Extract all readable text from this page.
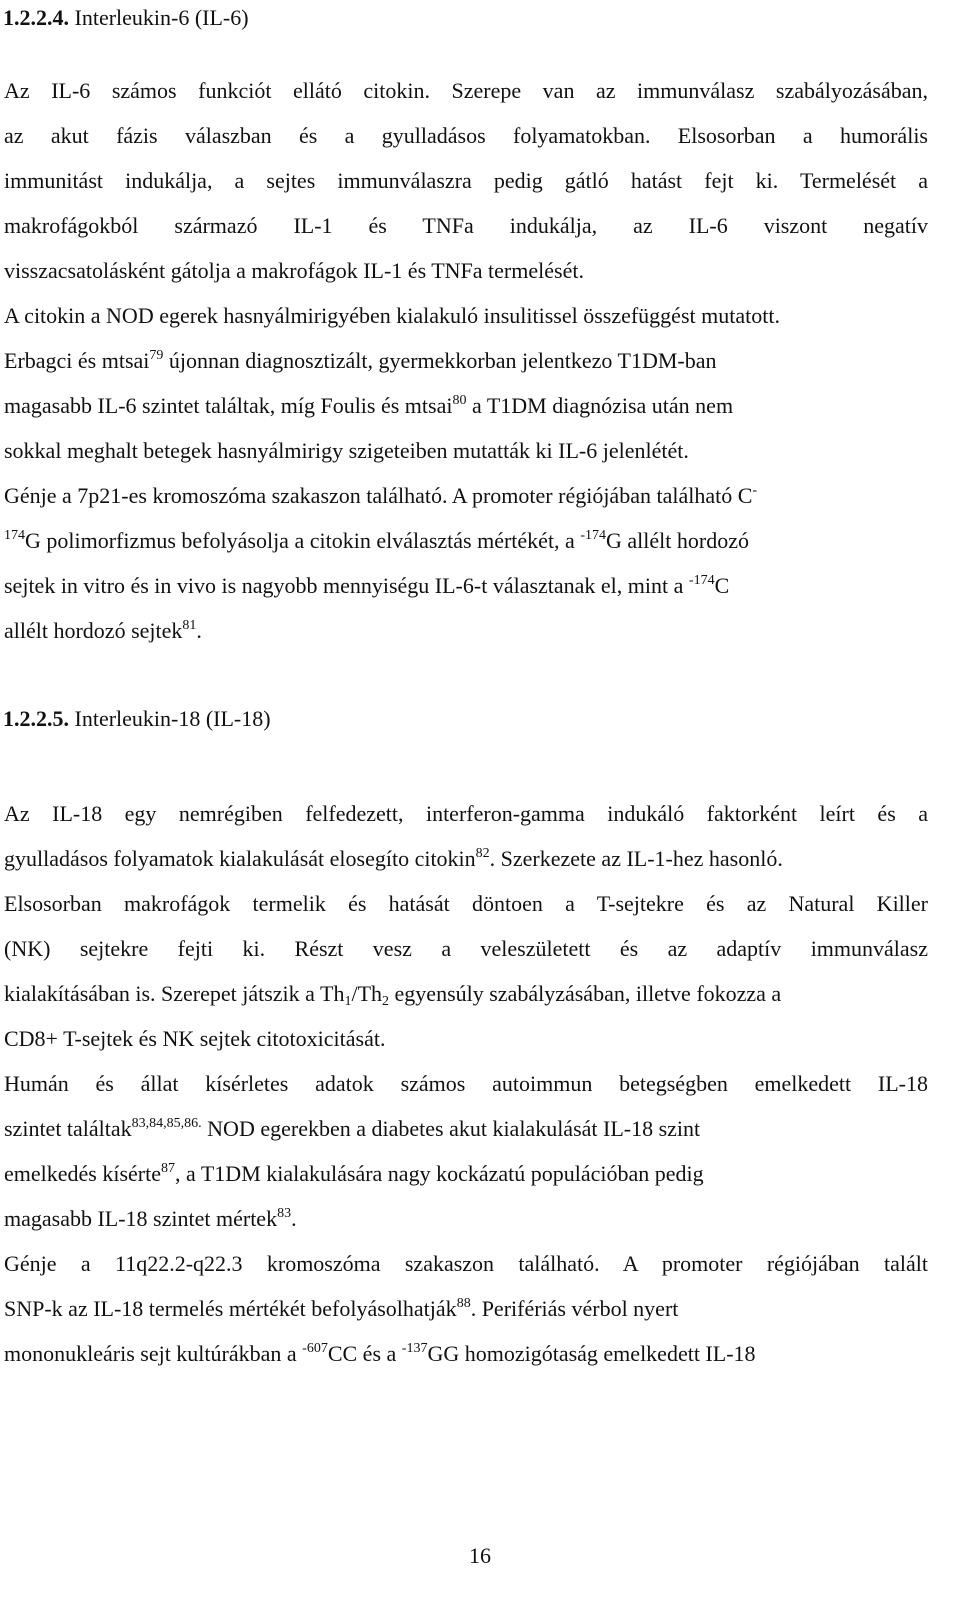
1.2.2.4. Interleukin-6 (IL-6)
Az IL-6 számos funkciót ellátó citokin. Szerepe van az immunválasz szabályozásában,
az akut fázis válaszban és a gyulladásos folyamatokban. Elsosorban a humorális
immunitást indukálja, a sejtes immunválaszra pedig gátló hatást fejt ki. Termelését a
makrofágokból származó IL-1 és TNFa indukálja, az IL-6 viszont negatív
visszacsatolásként gátolja a makrofágok IL-1 és TNFa termelését.
A citokin a NOD egerek hasnyálmirigyében kialakuló insulitissel összefüggést mutatott.
Erbagci és mtsai$^{79}$ újonnan diagnosztizált, gyermekkorban jelentkezo T1DM-ban
magasabb IL-6 szintet találtak, míg Foulis és mtsai$^{80}$ a T1DM diagnózisa után nem
sokkal meghalt betegek hasnyálmirigy szigeteiben mutatták ki IL-6 jelenlétét.
Génje a 7p21-es kromoszóma szakaszon található. A promoter régiójában található C-
$^{174}$G polimorfizmus befolyásolja a citokin elválasztás mértékét, a $^{-174}$G allélt hordozó
sejtek in vitro és in vivo is nagyobb mennyiségu IL-6-t választanak el, mint a $^{-174}$C
allélt hordozó sejtek$^{81}$.
1.2.2.5. Interleukin-18 (IL-18)
Az IL-18 egy nemrégiben felfedezett, interferon-gamma indukáló faktorként leírt és a
gyulladásos folyamatok kialakulását elosegíto citokin$^{82}$. Szerkezete az IL-1-hez hasonló.
Elsosorban makrofágok termelik és hatását döntoen a T-sejtekre és az Natural Killer
(NK) sejtekre fejti ki. Részt vesz a veleszületett és az adaptív immunválasz
kialakításában is. Szerepet játszik a $Th_1/Th_2$ egyensúly szabályzásában, illetve fokozza a
CD8+ T-sejtek és NK sejtek citotoxicitását.
Humán és állat kísérletes adatok számos autoimmun betegségben emelkedett IL-18
szintet találtak$^{83,84,85,86.}$ NOD egerekben a diabetes akut kialakulását IL-18 szint
emelkedés kísérte$^{87}$, a T1DM kialakulására nagy kockázatú populációban pedig
magasabb IL-18 szintet mértek$^{83}$.
Génje a 11q22.2-q22.3 kromoszóma szakaszon található. A promoter régiójában talált
SNP-k az IL-18 termelés mértékét befolyásolhatják$^{88}$. Perifériás vérbol nyert
mononukleáris sejt kultúrákban a $^{-607}$CC és a $^{-137}$GG homozigótaság emelkedett IL-18
16
